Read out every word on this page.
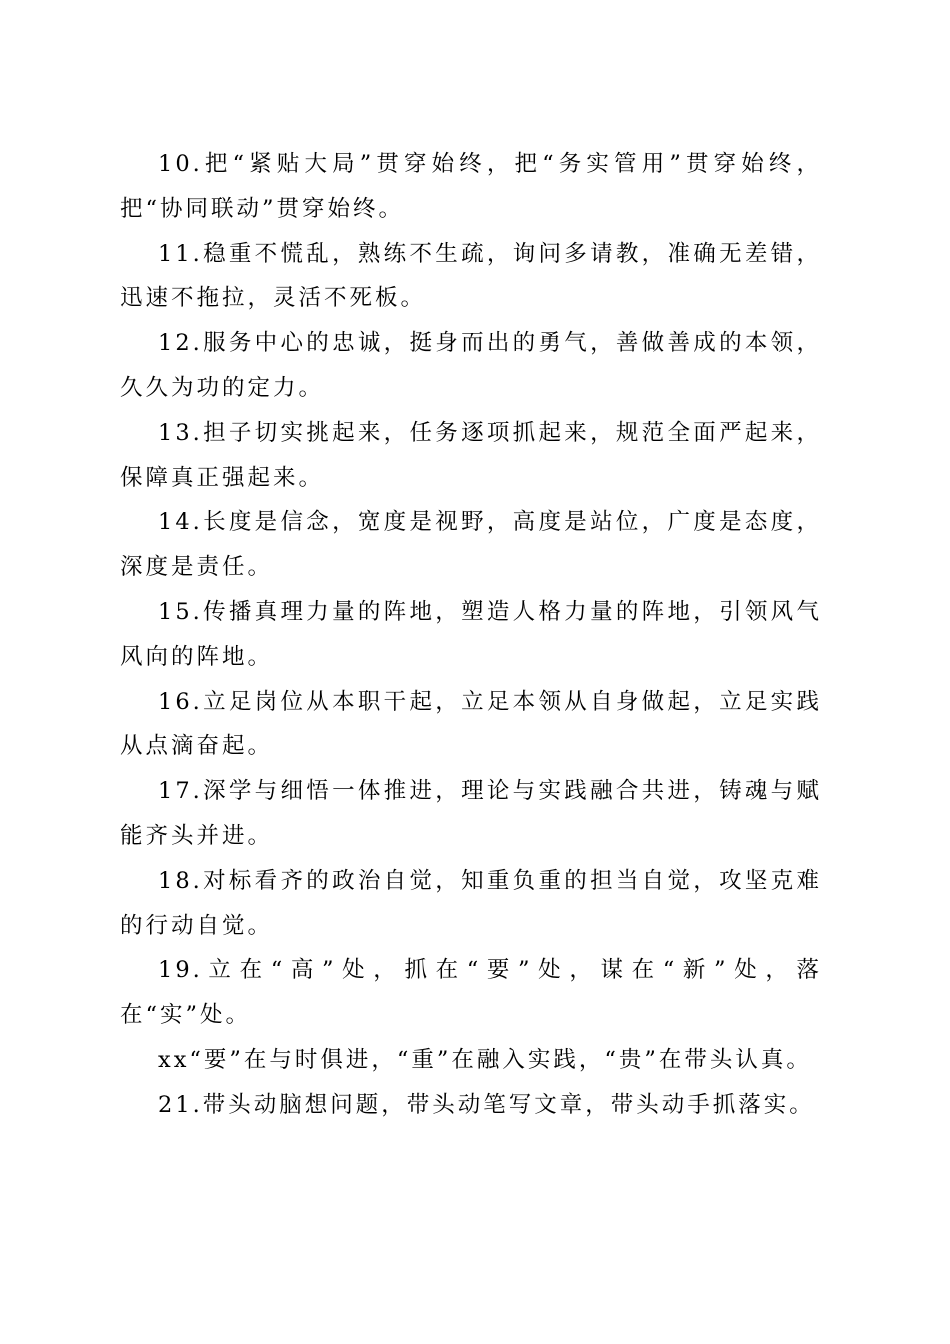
10.把“紧贴大局”贯穿始终，把“务实管用”贯穿始终，把“协同联动”贯穿始终。

11.稳重不慌乱，熟练不生疏，询问多请教，准确无差错，迅速不拖拉，灵活不死板。

12.服务中心的忠诚，挺身而出的勇气，善做善成的本领，久久为功的定力。

13.担子切实挑起来，任务逐项抓起来，规范全面严起来，保障真正强起来。

14.长度是信念，宽度是视野，高度是站位，广度是态度，深度是责任。

15.传播真理力量的阵地，塑造人格力量的阵地，引领风气风向的阵地。

16.立足岗位从本职干起，立足本领从自身做起，立足实践从点滴奋起。

17.深学与细悟一体推进，理论与实践融合共进，铸魂与赋能齐头并进。

18.对标看齐的政治自觉，知重负重的担当自觉，攻坚克难的行动自觉。

19.立在“高”处，抓在“要”处，谋在“新”处，落在“实”处。

xx“要”在与时俱进，“重”在融入实践，“贵”在带头认真。

21.带头动脑想问题，带头动笔写文章，带头动手抓落实。
